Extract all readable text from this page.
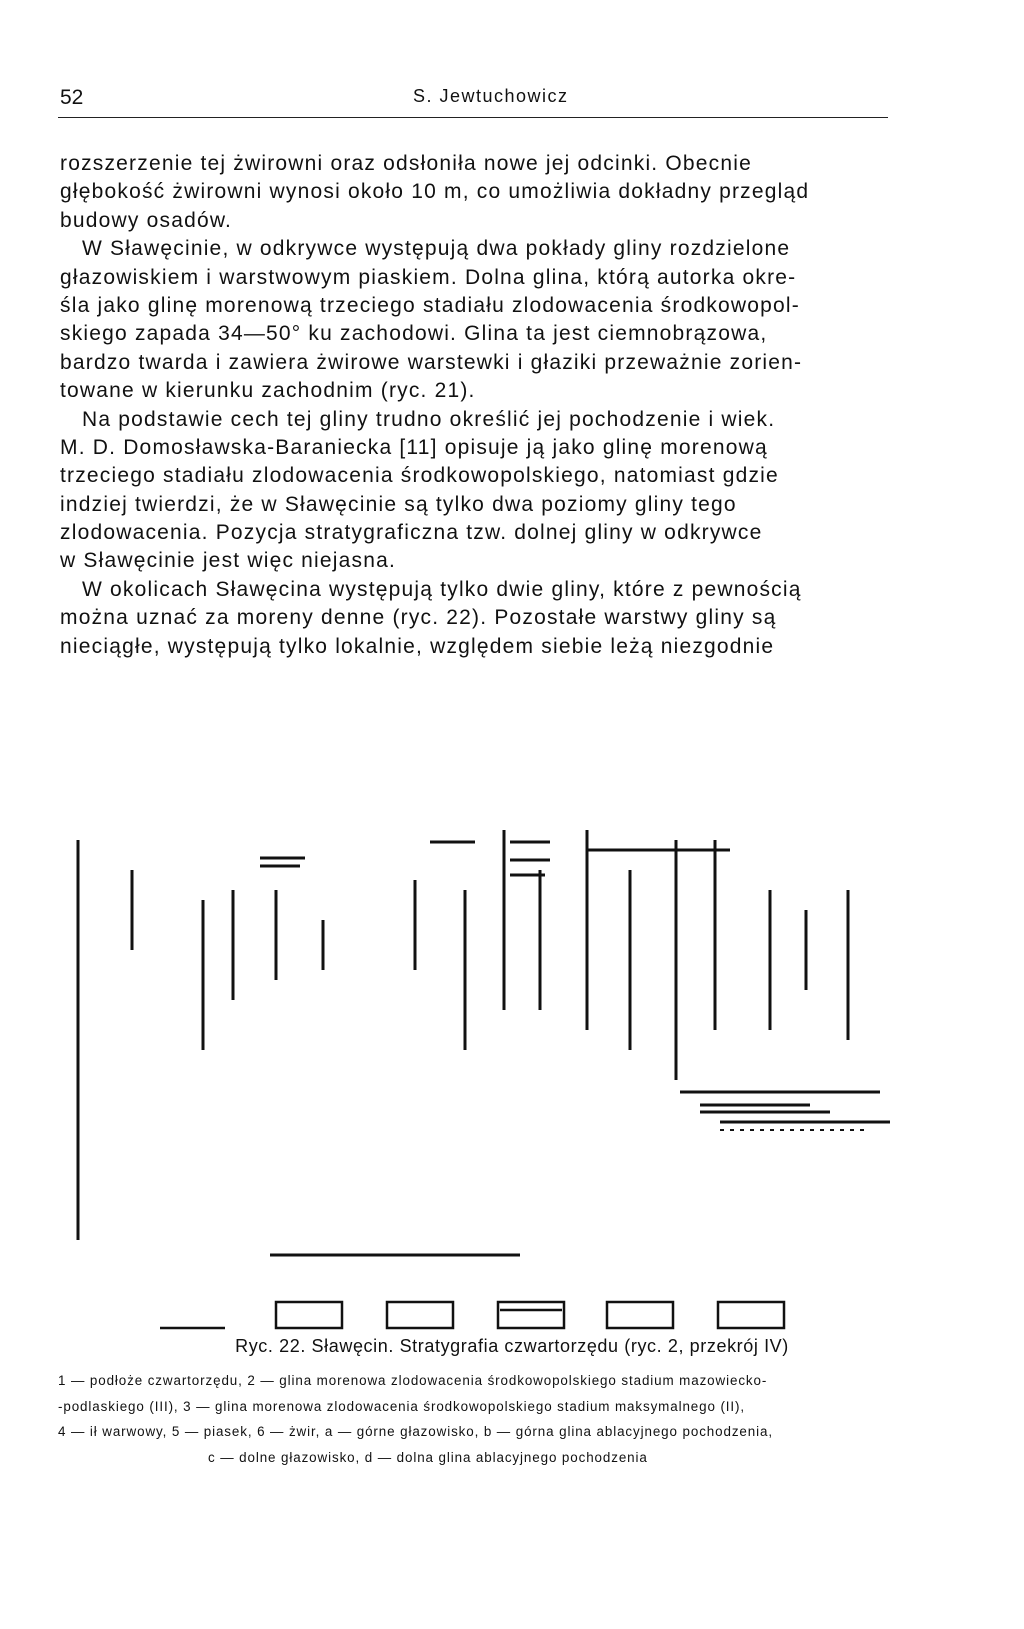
52	S. Jewtuchowicz
rozszerzenie tej żwirowni oraz odsłoniła nowe jej odcinki. Obecnie
głębokość żwirowni wynosi około 10 m, co umożliwia dokładny przegląd
budowy osadów.
W Sławęcinie, w odkrywce występują dwa pokłady gliny rozdzielone
głazowiskiem i warstwowym piaskiem. Dolna glina, którą autorka okre-
śla jako glinę morenową trzeciego stadiału zlodowacenia środkowopol-
skiego zapada 34—50° ku zachodowi. Glina ta jest ciemnobrązowa,
bardzo twarda i zawiera żwirowe warstewki i głaziki przeważnie zorien-
towane w kierunku zachodnim (ryc. 21).
Na podstawie cech tej gliny trudno określić jej pochodzenie i wiek.
M. D. Domosławska-Baraniecka [11] opisuje ją jako glinę morenową
trzeciego stadiału zlodowacenia środkowopolskiego, natomiast gdzie
indziej twierdzi, że w Sławęcinie są tylko dwa poziomy gliny tego
zlodowacenia. Pozycja stratygraficzna tzw. dolnej gliny w odkrywce
w Sławęcinie jest więc niejasna.
W okolicach Sławęcina występują tylko dwie gliny, które z pewnością
można uznać za moreny denne (ryc. 22). Pozostałe warstwy gliny są
nieciągłe, występują tylko lokalnie, względem siebie leżą niezgodnie
Ryc. 22. Sławęcin. Stratygrafia czwartorzędu (ryc. 2, przekrój IV)
1 — podłoże czwartorzędu, 2 — glina morenowa zlodowacenia środkowopolskiego stadium mazowiecko-
-podlaskiego (III), 3 — glina morenowa zlodowacenia środkowopolskiego stadium maksymalnego (II),
4 — ił warwowy, 5 — piasek, 6 — żwir, a — górne głazowisko, b — górna glina ablacyjnego pochodzenia,
c — dolne głazowisko, d — dolna glina ablacyjnego pochodzenia
